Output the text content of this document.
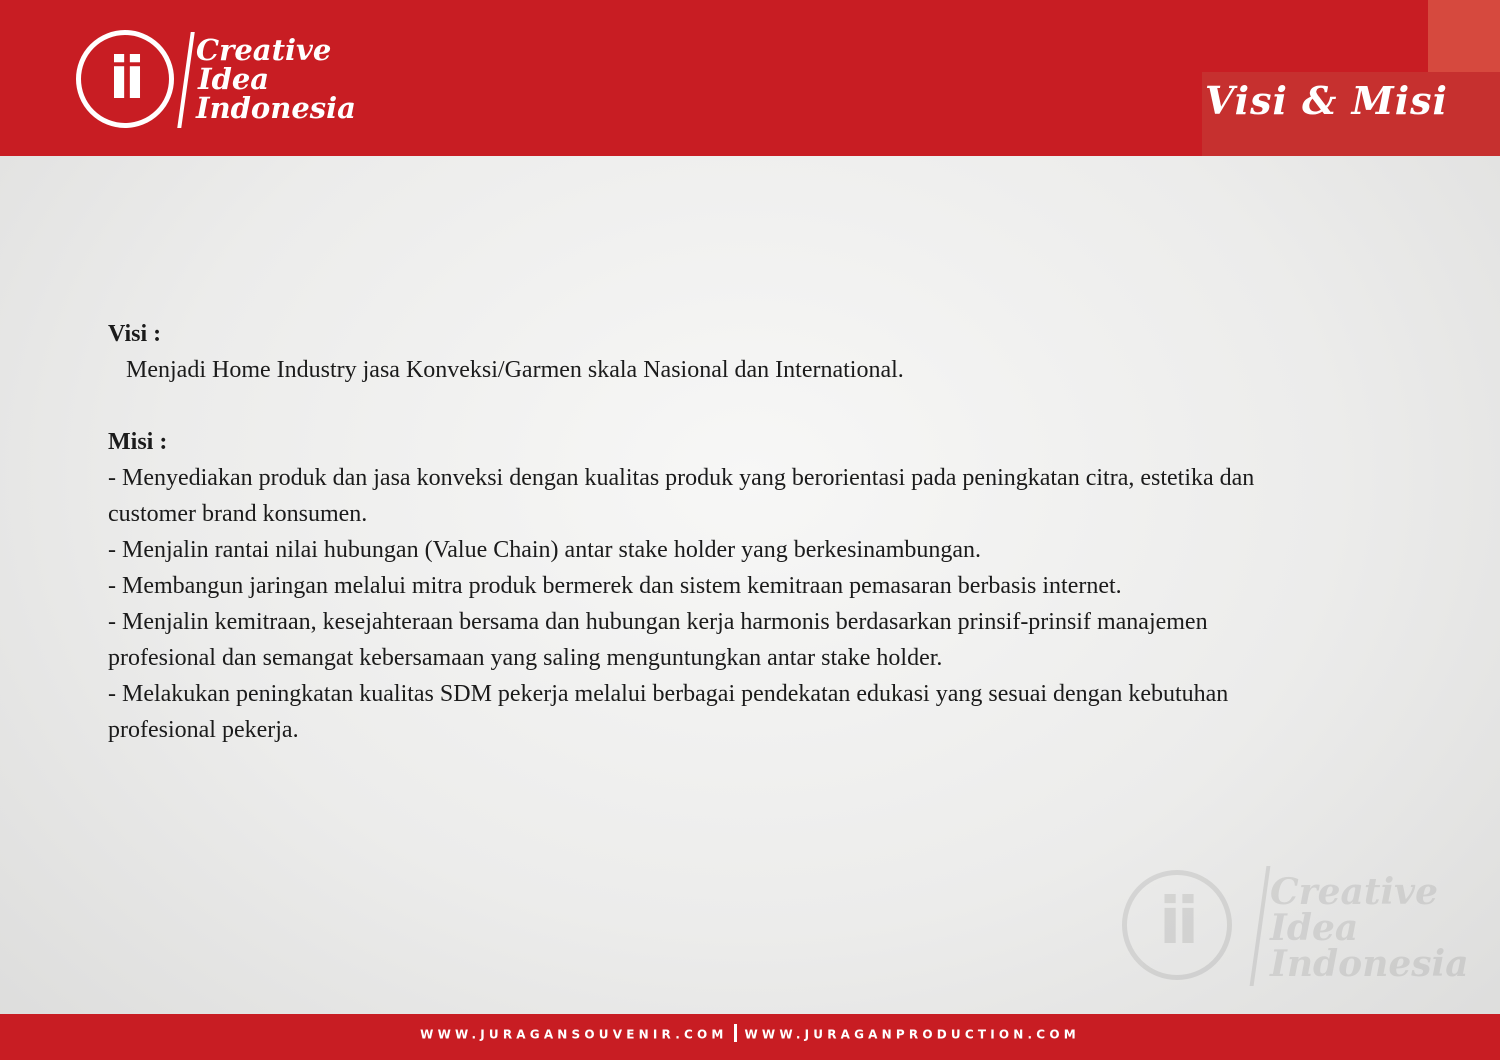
ii	Creative
Idea
Indonesia	Visi & Misi
Visi :
Menjadi Home Industry jasa Konveksi/Garmen skala Nasional dan International.
Misi :
- Menyediakan produk dan jasa konveksi dengan kualitas produk yang berorientasi pada peningkatan citra, estetika dan
customer brand konsumen.
- Menjalin rantai nilai hubungan (Value Chain) antar stake holder yang berkesinambungan.
- Membangun jaringan melalui mitra produk bermerek dan sistem kemitraan pemasaran berbasis internet.
- Menjalin kemitraan, kesejahteraan bersama dan hubungan kerja harmonis berdasarkan prinsif-prinsif manajemen
profesional dan semangat kebersamaan yang saling menguntungkan antar stake holder.
- Melakukan peningkatan kualitas SDM pekerja melalui berbagai pendekatan edukasi yang sesuai dengan kebutuhan
profesional pekerja.
ii	Creative
Idea
Indonesia
WWW.JURAGANSOUVENIR.COM WWW.JURAGANPRODUCTION.COM
